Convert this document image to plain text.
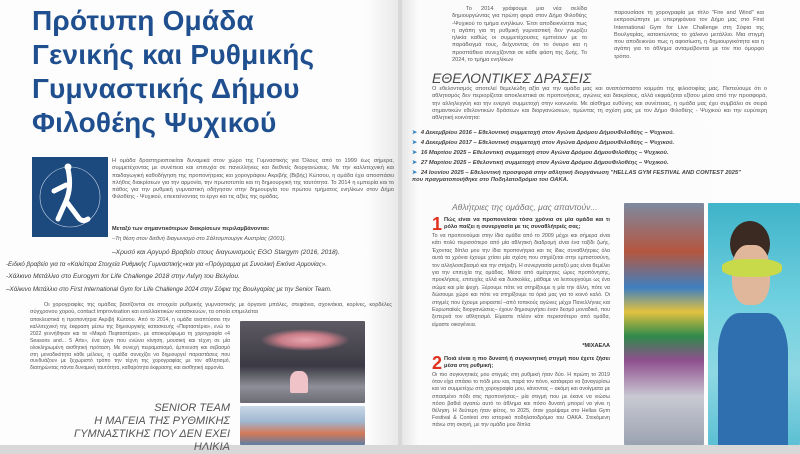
Πρότυπη Ομάδα
Γενικής και Ρυθμικής
Γυμναστικής Δήμου
Φιλοθέης Ψυχικού
Η ομάδα δραστηριοποιείται δυναμικά στον χώρο της Γυμναστικής για Όλους από το 1999 έως σήμερα, συμμετέχοντας με συνέπεια και επιτυχία σε πανελλήνιες και διεθνείς διοργανώσεις. Με την καλλιτεχνική και παιδαγωγική καθοδήγηση της προπονήτριας και χορογράφου Ακριβής (Βιβής) Κώτσου, η ομάδα έχει αποσπάσει πλήθος διακρίσεων για την αρμονία, την πρωτοτυπία και τη δημιουργική της ταυτότητα. Το 2014 η εμπειρία και το πάθος για την ρυθμική γυμναστική οδήγησαν στην δημιουργία του πρώτου τμήματος ενηλίκων στον Δήμο Φιλοθέης - Ψυχικού, επεκτείνοντας το έργο και τις αξίες της ομάδας.
Μεταξύ των σημαντικότερων διακρίσεων περιλαμβάνονται:
–Τη θέση στον διεθνή διαγωνισμό στο Σάλτσμπουργκ Αυστρίας (2001).
–Χρυσό και Αργυρό Βραβείο στους διαγωνισμούς EGO Stargym (2016, 2018).
-Ειδικό βραβείο για τα «Καλύτερα Στοιχεία Ρυθμικής Γυμναστικής»και για «Πρόγραμμα με Συνολική Εικόνα Αρμονίας».
-Χάλκινο Μετάλλιο στο Eurogym for Life Challenge 2018 στην Λιέγη του Βελγίου.
–Χάλκινο Μετάλλιο στο First International Gym for Life Challenge 2024 στην Σόφια της Βουλγαρίας με την Senior Team.
Οι χορογραφίες της ομάδας βασίζονται σε στοιχεία ρυθμικής γυμναστικής με όργανα μπάλες, στεφάνια, σχοινάκια, κορίνες, κορδέλες σύγχρονου χορού, contact improvisation και εναλλακτικών κατασκευών, τα οποία επιμελείται
αποκλειστικά η προπονήτρια Ακριβή Κώτσου. Από το 2014, η ομάδα αναπτύσσει την καλλιτεχνική της έκφραση μέσω της δημιουργικής κατασκευής «Πεφταστέρια», ενώ το 2022 γεννήθηκαν και τα «Μικρά Πεφταστέρια», με αποκορύφωμα τη χορογραφία «4 Seasons and... 5 Arts», ένα έργο που ενώνει κίνηση, μουσική και τέχνη σε μία ολοκληρωμένη αισθητική πρόταση. Με συνεχή πειραματισμό, έμπνευση και σεβασμό στη μοναδικότητα κάθε μέλους, η ομάδα συνεχίζει να δημιουργεί παραστάσεις που συνδυάζουν με ξεχωριστό τρόπο την τέχνη της χορογραφίας με τον αθλητισμό, διατηρώντας πάντα δυναμική ταυτότητα, καθαρότητα έκφρασης και αισθητική αρμονία.
SENIOR TEAM
Η ΜΑΓΕΙΑ ΤΗΣ ΡΥΘΜΙΚΗΣ
ΓΥΜΝΑΣΤΙΚΗΣ ΠΟΥ ΔΕΝ ΕΧΕΙ ΗΛΙΚΙΑ
Το 2014 γράφουμε μια νέα σελίδα δημιουργώντας για πρώτη φορά στον Δήμο Φιλοθέης -Ψυχικού το τμήμα ενηλίκων. Έτσι αποδεικνύεται πως η αγάπη για τη ρυθμική γυμναστική δεν γνωρίζει ηλικία καθώς οι συμμετέχουσες εμπνέουν με το παράδειγμά τους, δείχνοντας ότι το όνειρο και η προσπάθεια συνεχίζονται σε κάθε φάση της ζωής. Το 2024, το τμήμα ενηλίκων
παρουσίασε τη χορογραφία με τίτλο "Fire and Wind" και εκπροσώπησε με υπερηφάνεια τον Δήμο μας στο First International Gym for Live Challenge στη Σόφια της Βουλγαρίας, κατακτώντας το χάλκινο μετάλλιο. Μια στιγμή που αποδεικνύει πως η αφοσίωση, η δημιουργικότητα και η αγάπη για το άθλημα ανταμείβονται με τον πιο όμορφο τρόπο.
ΕΘΕΛΟΝΤΙΚΕΣ ΔΡΑΣΕΙΣ
Ο εθελοντισμός αποτελεί θεμελιώδη αξία για την ομάδα μας και αναπόσπαστο κομμάτι της φιλοσοφίας μας. Πιστεύουμε ότι ο αθλητισμός δεν περιορίζεται αποκλειστικά σε προπονήσεις, αγώνες και διακρίσεις, αλλά εκφράζεται εξίσου μέσα από την προσφορά, την αλληλεγγύη και την ενεργό συμμετοχή στην κοινωνία. Με αίσθημα ευθύνης και συνέπειας, η ομάδα μας έχει συμβάλει σε σειρά σημαντικών εθελοντικών δράσεων και διοργανώσεων, τιμώντας τη σχέση μας με τον Δήμο Φιλοθέης - Ψυχικού και την ευρύτερη αθλητική κοινότητα:
➤ 4 Δεκεμβρίου 2016 – Εθελοντική συμμετοχή στον Αγώνα Δρόμου ΔήμουΦιλοθέης – Ψυχικού.
➤ 4 Δεκεμβρίου 2017 – Εθελοντική συμμετοχή στον Αγώνα Δρόμου ΔήμουΦιλοθέης – Ψυχικού.
➤ 16 Μαρτίου 2025 – Εθελοντική συμμετοχή στον Αγώνα Δρόμου ΔήμουΦιλοθέης – Ψυχικού.
➤ 27 Μαρτίου 2025 – Εθελοντική συμμετοχή στον Αγώνα Δρόμου ΔήμουΦιλοθέης – Ψυχικού.
➤ 24 Ιουνίου 2025 – Εθελοντική προσφορά στην αθλητική διοργάνωση "HELLAS GYM FESTIVAL AND CONTEST 2025" που πραγματοποιήθηκε στο Ποδηλατοδρόμιο του ΟΑΚΑ.
Αθλήτριες της ομάδας, μας απαντούν...
1 Πώς είναι να προπονείσαι τόσα χρόνια σε μία ομάδα και τι ρόλο παίζει η συνεργασία με τις συναθλήτριές σας;
Το να προπονούμαι στην ίδια ομάδα από το 2009 μέχρι και σήμερα είναι κάτι πολύ περισσότερο από μία αθλητική διαδρομή είναι ένα ταξίδι ζωής. Έχοντας δίπλα μου την ίδια προπονήτρια και τις ίδιες συναθλήτριες όλα αυτά τα χρόνια έχουμε χτίσει μία σχέση που στηρίζεται στην εμπιστοσύνη, τον αλληλοσεβασμό και την στήριξη. Η συνεργασία μεταξύ μας είναι θεμέλιο για την επιτυχία της ομάδας. Μέσα από αμέτρητες ώρες προπόνησης, προκλήσεις, επιτυχίες αλλά και δυσκολίες, μάθαμε να λειτουργούμε ως ένα σώμα και μία ψυχή. Ξέρουμε πότε να στηρίξουμε η μία την άλλη, πότε να δώσουμε χώρο και πότε να στηρίξουμε τα όριά μας για το κοινό καλό. Οι στιγμές που έχουμε μοιραστεί –από τοπικούς αγώνες μέχρι Πανελλήνιες και Ευρωπαϊκές διοργανώσεις– έχουν δημιουργήσει έναν δεσμό μοναδικό, που ξεπερνά τον αθλητισμό. Είμαστε πλέον κάτι περισσότερο από ομάδα, είμαστε οικογένεια.
*ΜΙΧΑΕΛΑ
2 Ποιά είναι η πιο δυνατή ή συγκινητική στιγμή που έχετε ζήσει μέσα στη ρυθμική;
Οι πιο συγκινητικές μου στιγμές στη ρυθμική ήταν δύο. Η πρώτη το 2019 όταν είχα σπάσει το πόδι μου και, παρά τον πόνο, κατάφερα να ξαναγυρίσω και να συμμετέχω στη χορογραφία μου, κάνοντας – ακόμη και ανοίγματα με σπασμένο πόδι στις προπονήσεις– μία στιγμή που με έκανε να νιώσω πόσο βαθιά αγαπώ αυτό το άθλημα και πόσο δυνατή μπορεί να γίνει η θέληση. Η δεύτερη ήταν φέτος, το 2025, όταν χορέψαμε στο Hellas Gym Festival & Contest στο ιστορικό ποδηλατοδρόμιο του ΟΑΚΑ. Στεκόμενη πάνω στη σκηνή, με την ομάδα μου δίπλα
